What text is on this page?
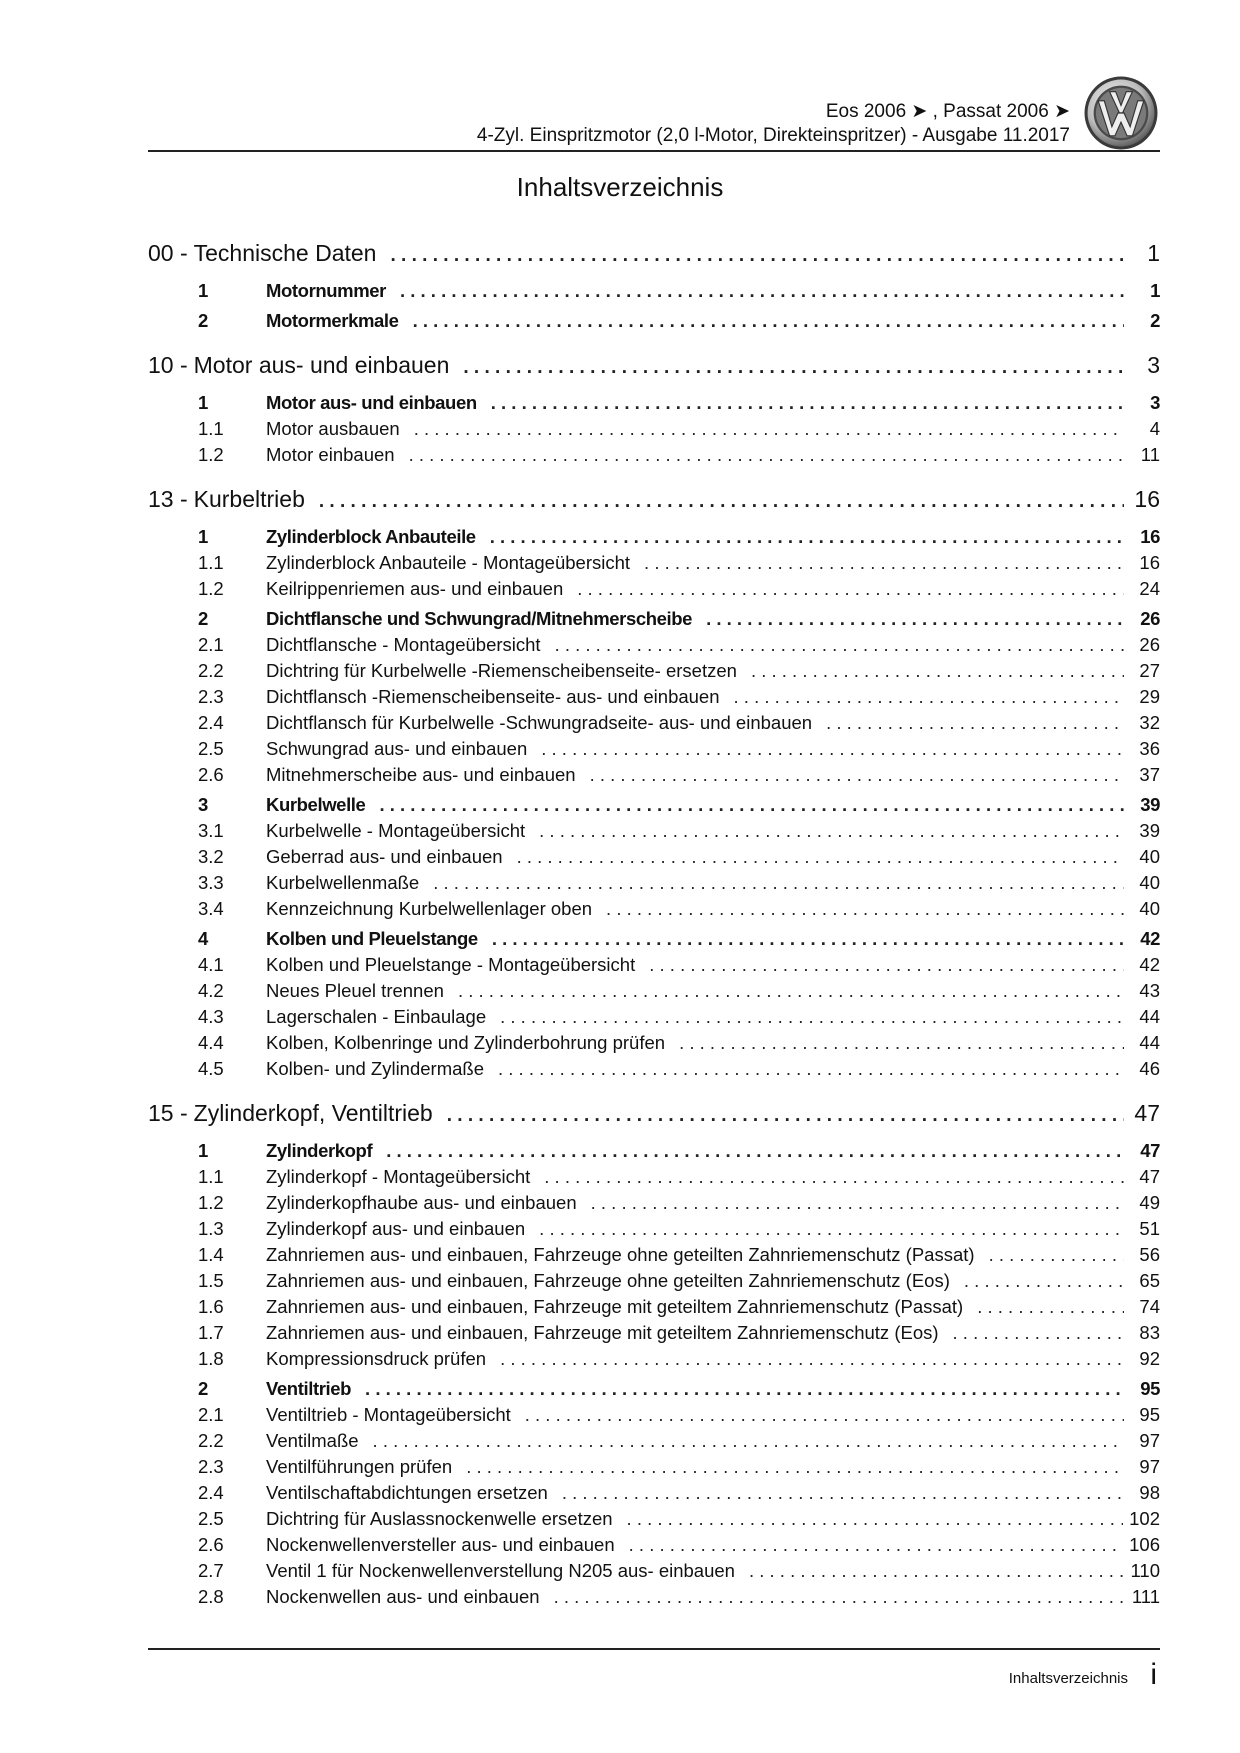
Eos 2006 ➤ , Passat 2006 ➤
4-Zyl. Einspritzmotor (2,0 l-Motor, Direkteinspritzer) - Ausgabe 11.2017
Inhaltsverzeichnis
00 - Technische Daten . . .	1
1	Motornummer . . .	1
2	Motormerkmale . . .	2
10 - Motor aus- und einbauen . . .	3
1	Motor aus- und einbauen . . .	3
1.1	Motor ausbauen . . .	4
1.2	Motor einbauen . . .	11
13 - Kurbeltrieb . . .	16
1	Zylinderblock Anbauteile . . .	16
1.1	Zylinderblock Anbauteile - Montageübersicht . . .	16
1.2	Keilrippenriemen aus- und einbauen . . .	24
2	Dichtflansche und Schwungrad/Mitnehmerscheibe . . .	26
2.1	Dichtflansche - Montageübersicht . . .	26
2.2	Dichtring für Kurbelwelle -Riemenscheibenseite- ersetzen . . .	27
2.3	Dichtflansch -Riemenscheibenseite- aus- und einbauen . . .	29
2.4	Dichtflansch für Kurbelwelle -Schwungradseite- aus- und einbauen . . .	32
2.5	Schwungrad aus- und einbauen . . .	36
2.6	Mitnehmerscheibe aus- und einbauen . . .	37
3	Kurbelwelle . . .	39
3.1	Kurbelwelle - Montageübersicht . . .	39
3.2	Geberrad aus- und einbauen . . .	40
3.3	Kurbelwellenmaße . . .	40
3.4	Kennzeichnung Kurbelwellenlager oben . . .	40
4	Kolben und Pleuelstange . . .	42
4.1	Kolben und Pleuelstange - Montageübersicht . . .	42
4.2	Neues Pleuel trennen . . .	43
4.3	Lagerschalen - Einbaulage . . .	44
4.4	Kolben, Kolbenringe und Zylinderbohrung prüfen . . .	44
4.5	Kolben- und Zylindermaße . . .	46
15 - Zylinderkopf, Ventiltrieb . . .	47
1	Zylinderkopf . . .	47
1.1	Zylinderkopf - Montageübersicht . . .	47
1.2	Zylinderkopfhaube aus- und einbauen . . .	49
1.3	Zylinderkopf aus- und einbauen . . .	51
1.4	Zahnriemen aus- und einbauen, Fahrzeuge ohne geteilten Zahnriemenschutz (Passat) . . .	56
1.5	Zahnriemen aus- und einbauen, Fahrzeuge ohne geteilten Zahnriemenschutz (Eos) . . .	65
1.6	Zahnriemen aus- und einbauen, Fahrzeuge mit geteiltem Zahnriemenschutz (Passat) . . .	74
1.7	Zahnriemen aus- und einbauen, Fahrzeuge mit geteiltem Zahnriemenschutz (Eos) . . .	83
1.8	Kompressionsdruck prüfen . . .	92
2	Ventiltrieb . . .	95
2.1	Ventiltrieb - Montageübersicht . . .	95
2.2	Ventilmaße . . .	97
2.3	Ventilführungen prüfen . . .	97
2.4	Ventilschaftabdichtungen ersetzen . . .	98
2.5	Dichtring für Auslassnockenwelle ersetzen . . .	102
2.6	Nockenwellenversteller aus- und einbauen . . .	106
2.7	Ventil 1 für Nockenwellenverstellung N205 aus- einbauen . . .	110
2.8	Nockenwellen aus- und einbauen . . .	111
Inhaltsverzeichnis i
